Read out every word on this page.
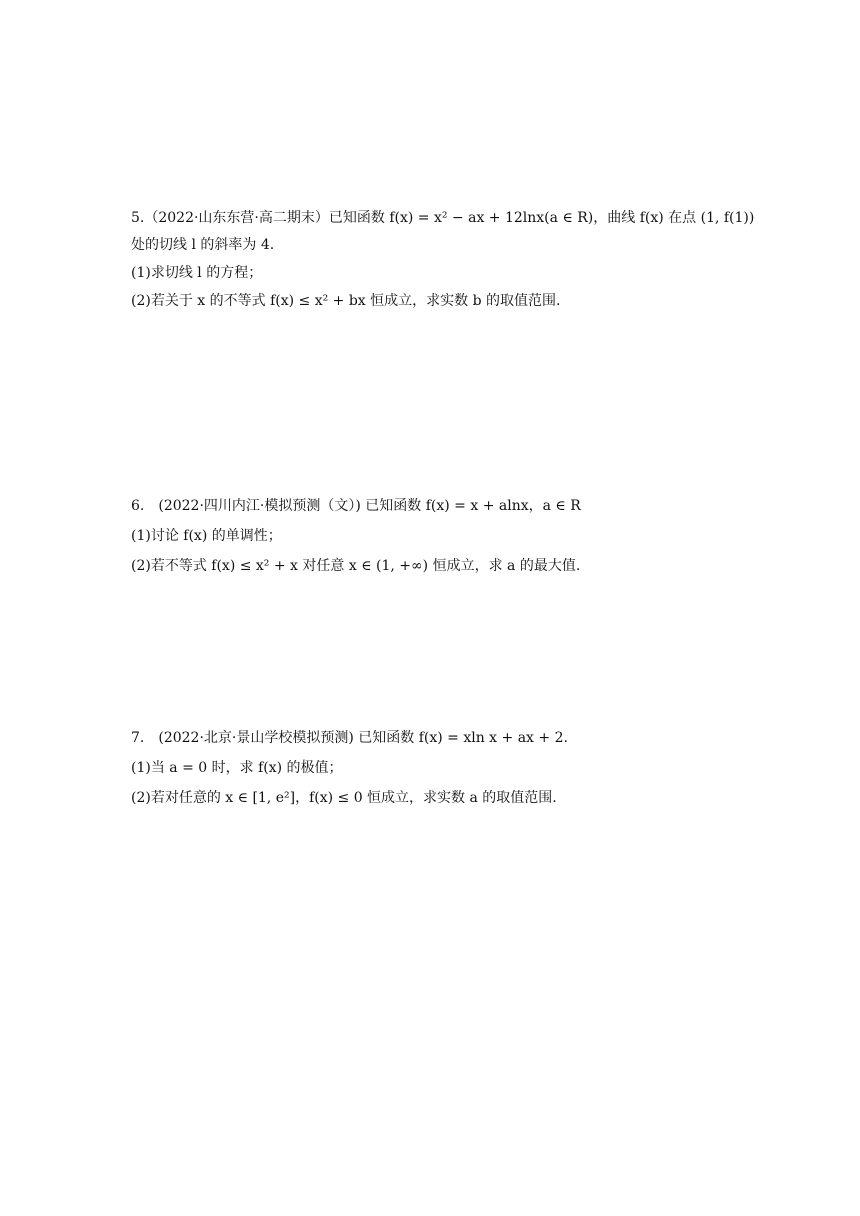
5.（2022·山东东营·高二期末）已知函数 f(x) = x² − ax + 12lnx(a ∈ R)，曲线 f(x) 在点 (1, f(1))
处的切线 l 的斜率为 4.
(1)求切线 l 的方程；
(2)若关于 x 的不等式 f(x) ≤ x² + bx 恒成立，求实数 b 的取值范围.
6.　(2022·四川内江·模拟预测（文）) 已知函数 f(x) = x + alnx，a ∈ R
(1)讨论 f(x) 的单调性；
(2)若不等式 f(x) ≤ x² + x 对任意 x ∈ (1, +∞) 恒成立，求 a 的最大值.
7.　(2022·北京·景山学校模拟预测) 已知函数 f(x) = xln x + ax + 2.
(1)当 a = 0 时，求 f(x) 的极值；
(2)若对任意的 x ∈ [1, e²]，f(x) ≤ 0 恒成立，求实数 a 的取值范围.
